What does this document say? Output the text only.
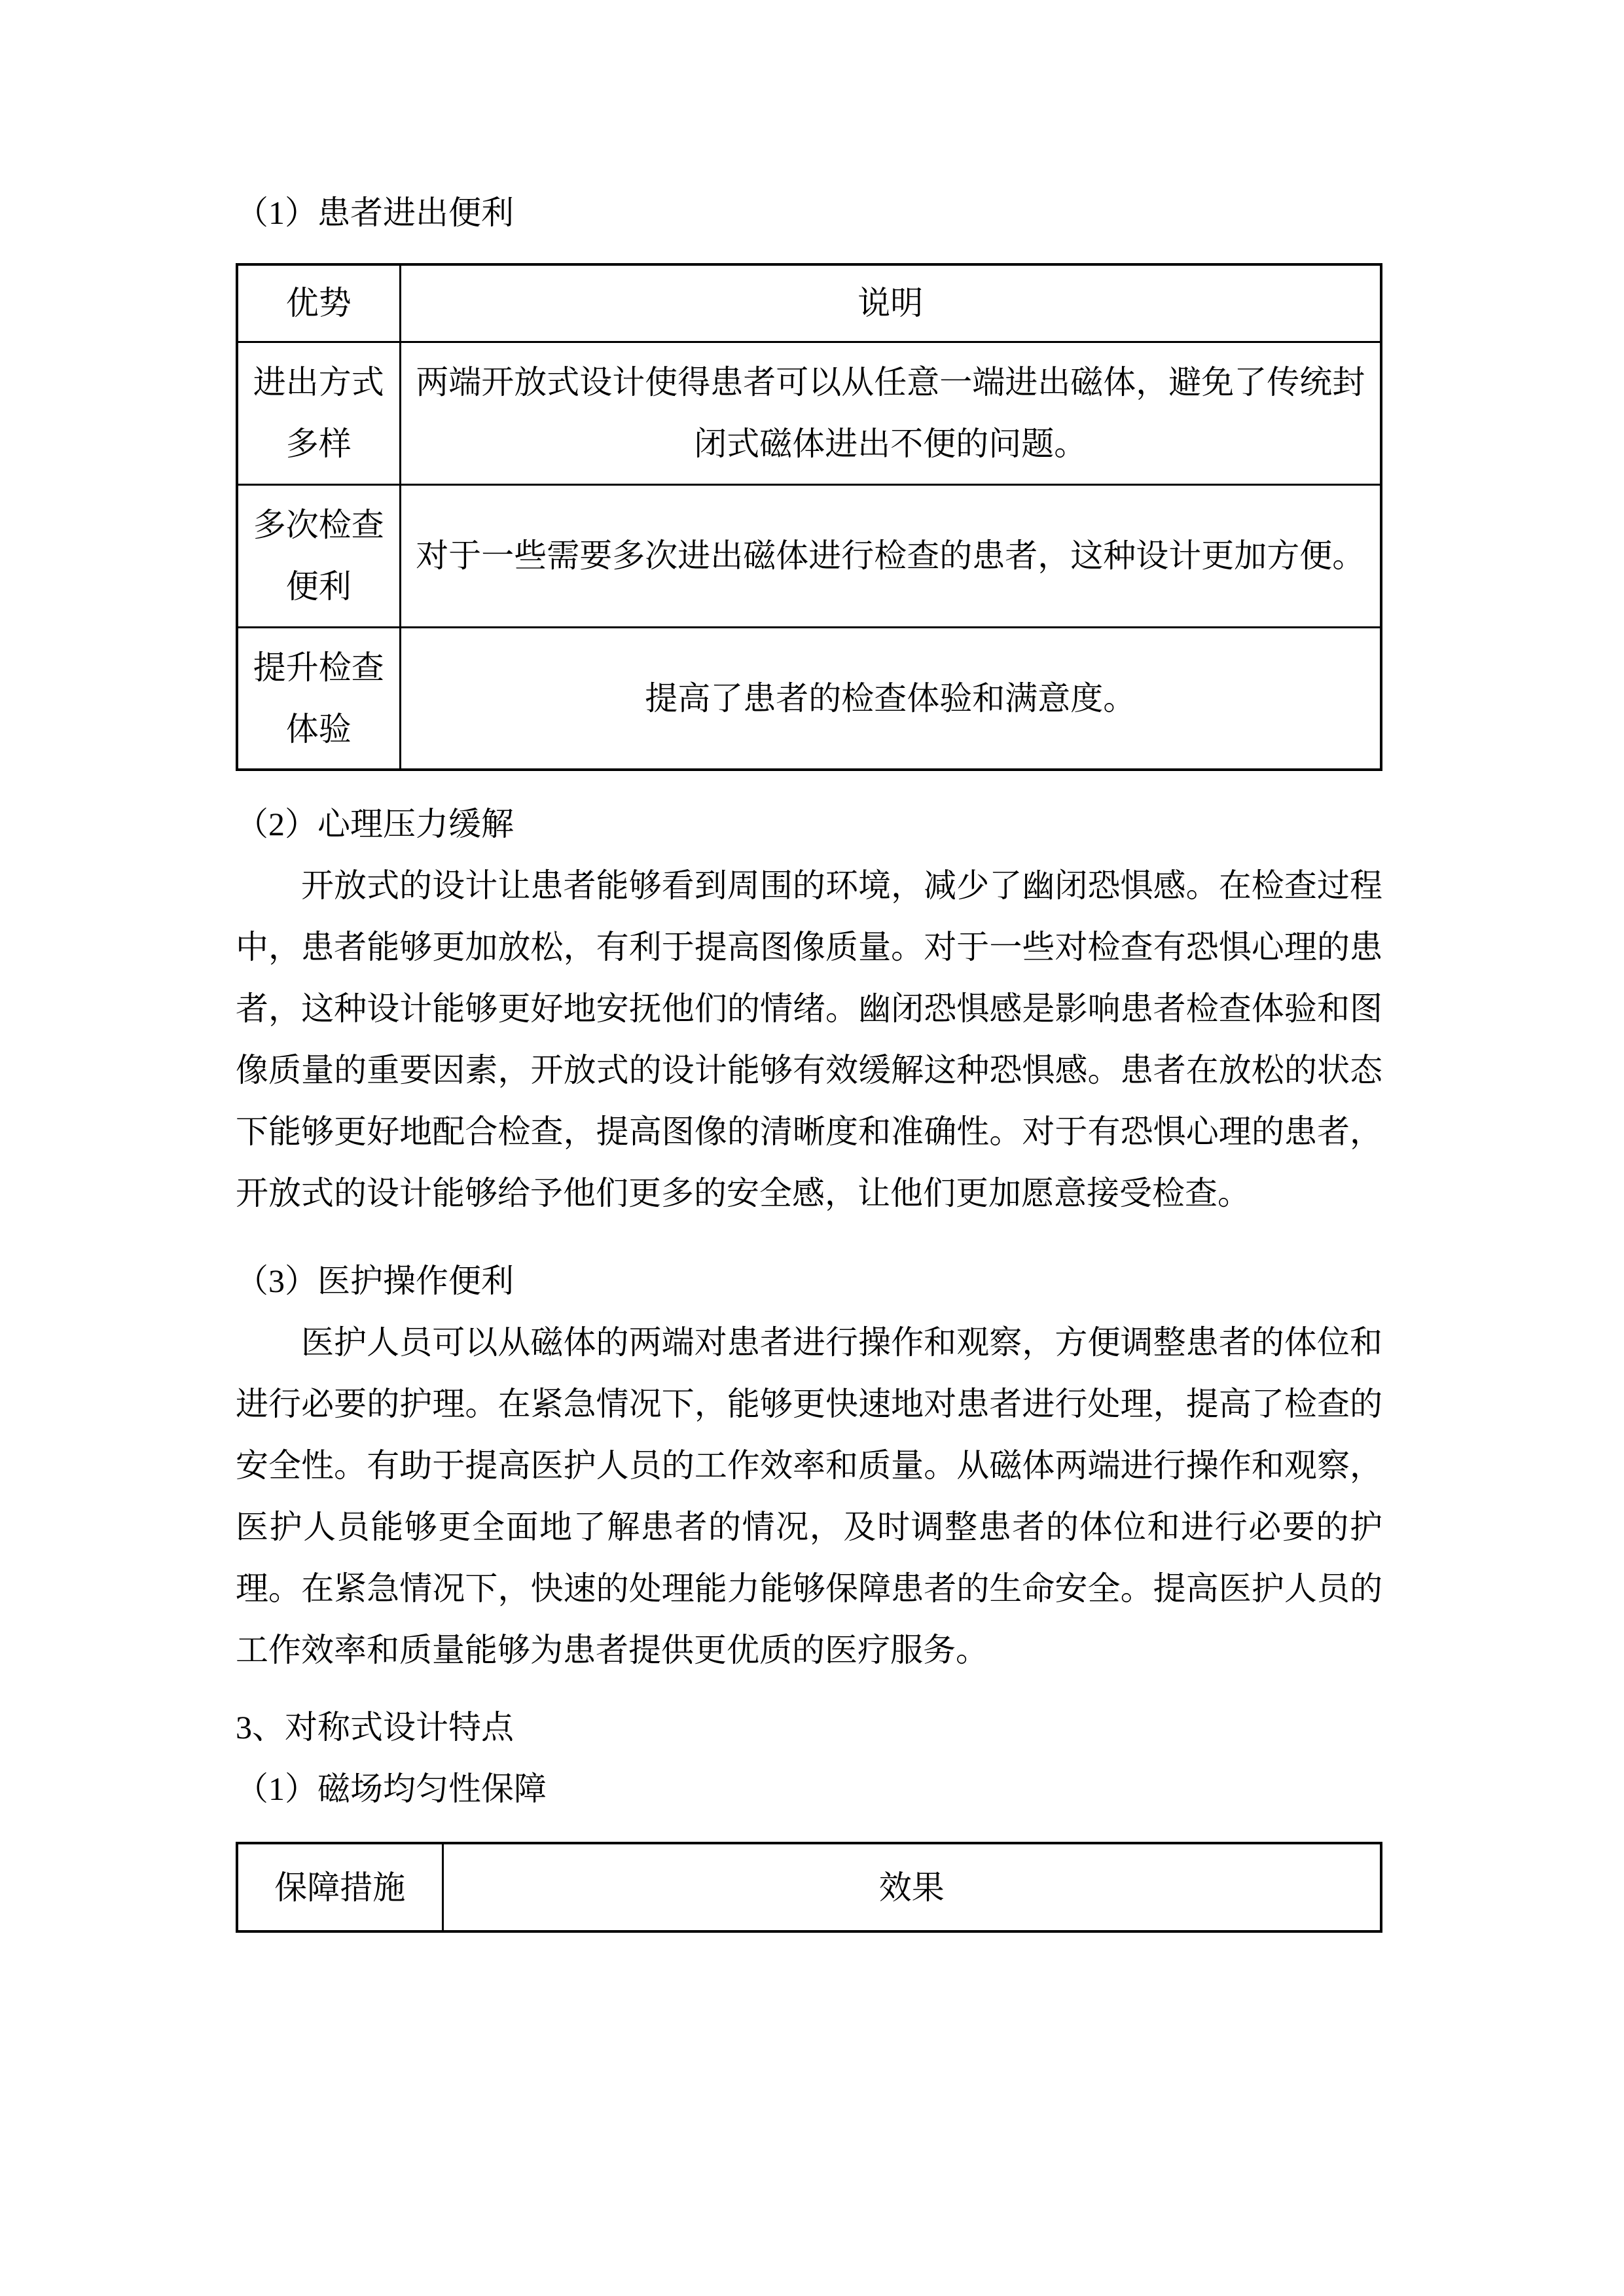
（1）患者进出便利
优势	说明
进出方式多样	两端开放式设计使得患者可以从任意一端进出磁体，避免了传统封闭式磁体进出不便的问题。
多次检查便利	对于一些需要多次进出磁体进行检查的患者，这种设计更加方便。
提升检查体验	提高了患者的检查体验和满意度。
（2）心理压力缓解

开放式的设计让患者能够看到周围的环境，减少了幽闭恐惧感。在检查过程中，患者能够更加放松，有利于提高图像质量。对于一些对检查有恐惧心理的患者，这种设计能够更好地安抚他们的情绪。幽闭恐惧感是影响患者检查体验和图像质量的重要因素，开放式的设计能够有效缓解这种恐惧感。患者在放松的状态下能够更好地配合检查，提高图像的清晰度和准确性。对于有恐惧心理的患者，开放式的设计能够给予他们更多的安全感，让他们更加愿意接受检查。

（3）医护操作便利

医护人员可以从磁体的两端对患者进行操作和观察，方便调整患者的体位和进行必要的护理。在紧急情况下，能够更快速地对患者进行处理，提高了检查的安全性。有助于提高医护人员的工作效率和质量。从磁体两端进行操作和观察，医护人员能够更全面地了解患者的情况，及时调整患者的体位和进行必要的护理。在紧急情况下，快速的处理能力能够保障患者的生命安全。提高医护人员的工作效率和质量能够为患者提供更优质的医疗服务。

3、对称式设计特点
（1）磁场均匀性保障
保障措施	效果
